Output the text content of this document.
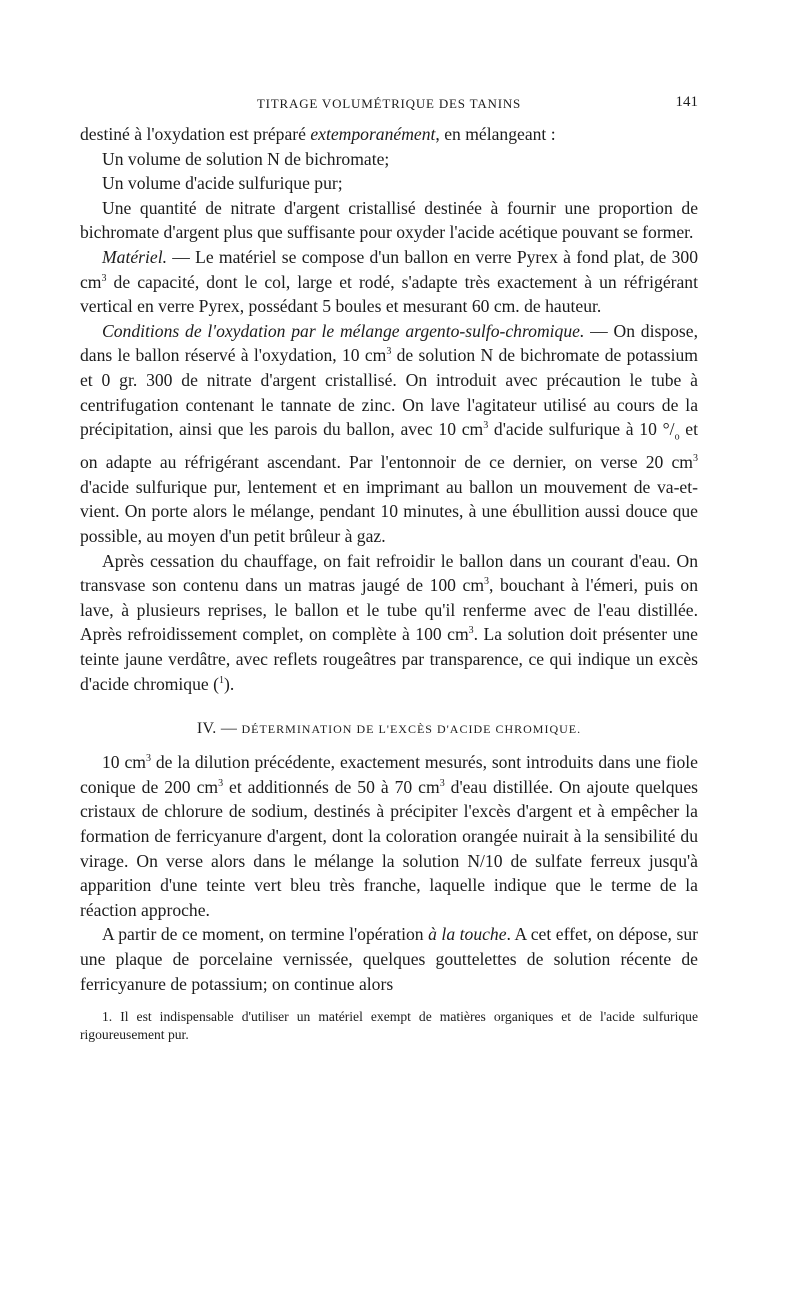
TITRAGE VOLUMÉTRIQUE DES TANINS	141

destiné à l'oxydation est préparé extemporanément, en mélangeant :

Un volume de solution N de bichromate;

Un volume d'acide sulfurique pur;

Une quantité de nitrate d'argent cristallisé destinée à fournir une proportion de bichromate d'argent plus que suffisante pour oxyder l'acide acétique pouvant se former.

Matériel. — Le matériel se compose d'un ballon en verre Pyrex à fond plat, de 300 $cm^3$ de capacité, dont le col, large et rodé, s'adapte très exactement à un réfrigérant vertical en verre Pyrex, possédant 5 boules et mesurant 60 cm. de hauteur.

Conditions de l'oxydation par le mélange argento-sulfo-chromique. — On dispose, dans le ballon réservé à l'oxydation, 10 $cm^3$ de solution N de bichromate de potassium et 0 gr. 300 de nitrate d'argent cristallisé. On introduit avec précaution le tube à centrifugation contenant le tannate de zinc. On lave l'agitateur utilisé au cours de la précipitation, ainsi que les parois du ballon, avec 10 $cm^3$ d'acide sulfurique à 10 $^\circ/_o$ et on adapte au réfrigérant ascendant. Par l'entonnoir de ce dernier, on verse 20 $cm^3$ d'acide sulfurique pur, lentement et en imprimant au ballon un mouvement de va-et-vient. On porte alors le mélange, pendant 10 minutes, à une ébullition aussi douce que possible, au moyen d'un petit brûleur à gaz.

Après cessation du chauffage, on fait refroidir le ballon dans un courant d'eau. On transvase son contenu dans un matras jaugé de 100 $cm^3$, bouchant à l'émeri, puis on lave, à plusieurs reprises, le ballon et le tube qu'il renferme avec de l'eau distillée. Après refroidissement complet, on complète à 100 $cm^3$. La solution doit présenter une teinte jaune verdâtre, avec reflets rougeâtres par transparence, ce qui indique un excès d'acide chromique ($^1$).

IV. — DÉTERMINATION DE L'EXCÈS D'ACIDE CHROMIQUE.

10 $cm^3$ de la dilution précédente, exactement mesurés, sont introduits dans une fiole conique de 200 $cm^3$ et additionnés de 50 à 70 $cm^3$ d'eau distillée. On ajoute quelques cristaux de chlorure de sodium, destinés à précipiter l'excès d'argent et à empêcher la formation de ferricyanure d'argent, dont la coloration orangée nuirait à la sensibilité du virage. On verse alors dans le mélange la solution N/10 de sulfate ferreux jusqu'à apparition d'une teinte vert bleu très franche, laquelle indique que le terme de la réaction approche.

A partir de ce moment, on termine l'opération à la touche. A cet effet, on dépose, sur une plaque de porcelaine vernissée, quelques gouttelettes de solution récente de ferricyanure de potassium; on continue alors

1. Il est indispensable d'utiliser un matériel exempt de matières organiques et de l'acide sulfurique rigoureusement pur.
